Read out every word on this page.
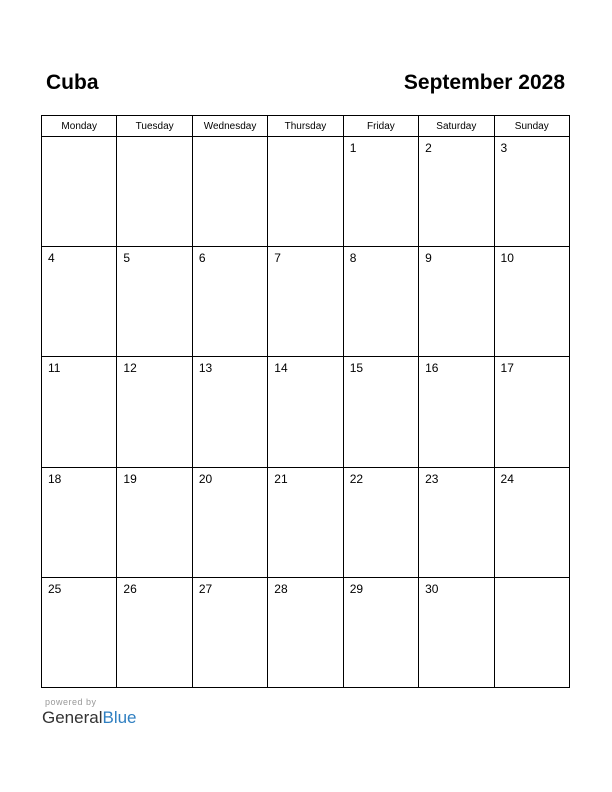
Cuba	September 2028
Monday	Tuesday	Wednesday	Thursday	Friday	Saturday	Sunday

				1	2	3

4	5	6	7	8	9	10

11	12	13	14	15	16	17

18	19	20	21	22	23	24

25	26	27	28	29	30	

powered by
GeneralBlue
